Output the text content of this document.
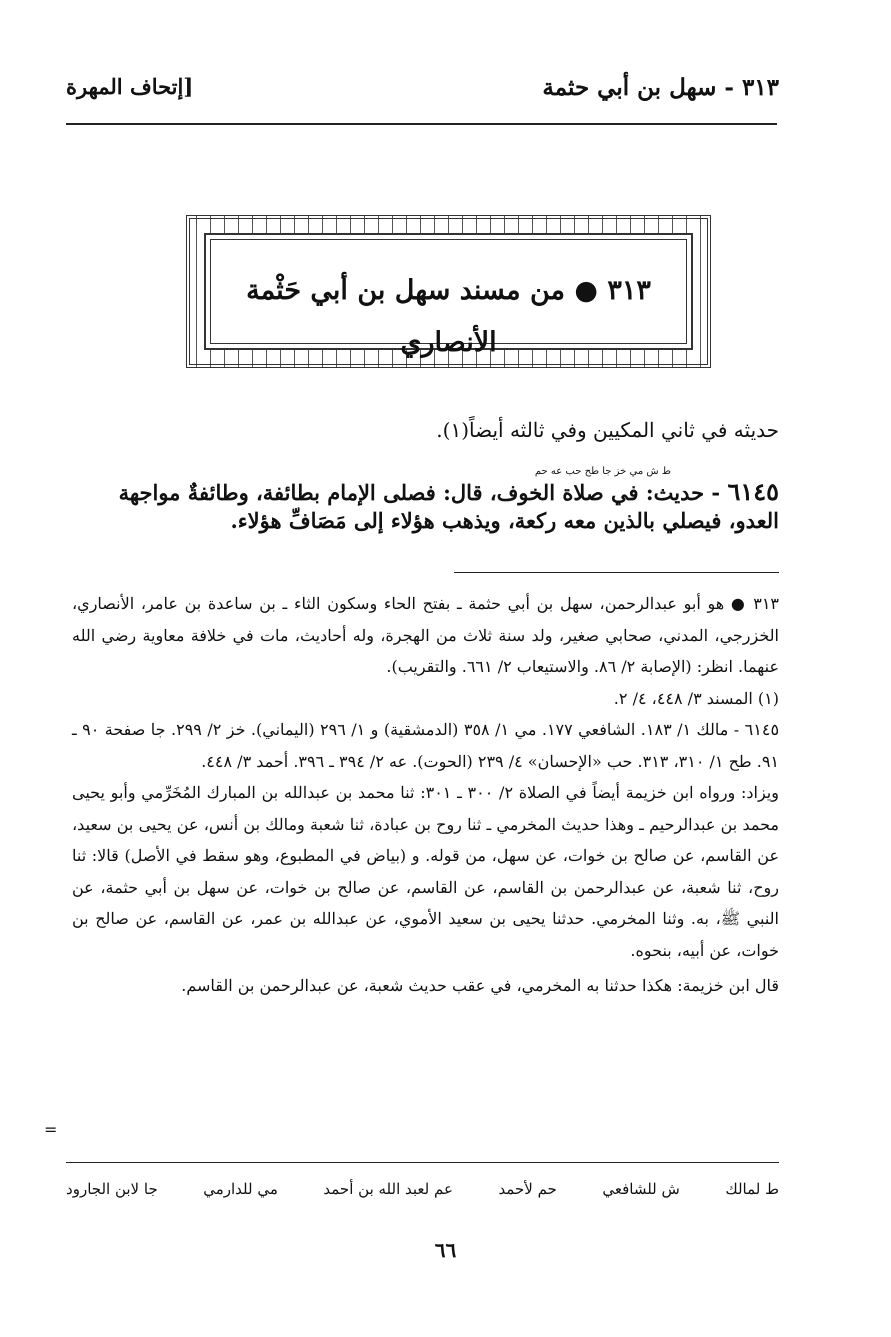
٣١٣ - سهل بن أبي حثمة
[إتحاف المهرة
٣١٣ ● من مسند سهل بن أبي حَثْمة
الأنصاري
حديثه في ثاني المكيين وفي ثالثه أيضاً(١).
ط ش مي خز جا طح حب عه حم
٦١٤٥ - حديث: في صلاة الخوف، قال: فصلى الإمام بطائفة، وطائفةٌ مواجهة العدو، فيصلي بالذين معه ركعة، ويذهب هؤلاء إلى مَصَافِّ هؤلاء.

٣١٣ ● هو أبو عبدالرحمن، سهل بن أبي حثمة ـ بفتح الحاء وسكون الثاء ـ بن ساعدة بن عامر، الأنصاري، الخزرجي، المدني، صحابي صغير، ولد سنة ثلاث من الهجرة، وله أحاديث، مات في خلافة معاوية رضي الله عنهما. انظر: (الإصابة ٢/ ٨٦. والاستيعاب ٢/ ٦٦١. والتقريب).

(١) المسند ٣/ ٤٤٨، ٤/ ٢.

٦١٤٥ - مالك ١/ ١٨٣. الشافعي ١٧٧. مي ١/ ٣٥٨ (الدمشقية) و ١/ ٢٩٦ (اليماني). خز ٢/ ٢٩٩. جا صفحة ٩٠ ـ ٩١. طح ١/ ٣١٠، ٣١٣. حب «الإحسان» ٤/ ٢٣٩ (الحوت). عه ٢/ ٣٩٤ ـ ٣٩٦. أحمد ٣/ ٤٤٨.

ويزاد: ورواه ابن خزيمة أيضاً في الصلاة ٢/ ٣٠٠ ـ ٣٠١: ثنا محمد بن عبدالله بن المبارك المُخَرِّمي وأبو يحيى محمد بن عبدالرحيم ـ وهذا حديث المخرمي ـ ثنا روح بن عبادة، ثنا شعبة ومالك بن أنس، عن يحيى بن سعيد، عن القاسم، عن صالح بن خوات، عن سهل، من قوله. و (بياض في المطبوع، وهو سقط في الأصل) قالا: ثنا روح، ثنا شعبة، عن عبدالرحمن بن القاسم، عن القاسم، عن صالح بن خوات، عن سهل بن أبي حثمة، عن النبي ﷺ، به. وثنا المخرمي. حدثنا يحيى بن سعيد الأموي، عن عبدالله بن عمر، عن القاسم، عن صالح بن خوات، عن أبيه، بنحوه.

قال ابن خزيمة: هكذا حدثنا به المخرمي، في عقب حديث شعبة، عن عبدالرحمن بن القاسم.

=
ط لمالك
ش للشافعي
حم لأحمد
عم لعبد الله بن أحمد
مي للدارمي
جا لابن الجارود
٦٦
